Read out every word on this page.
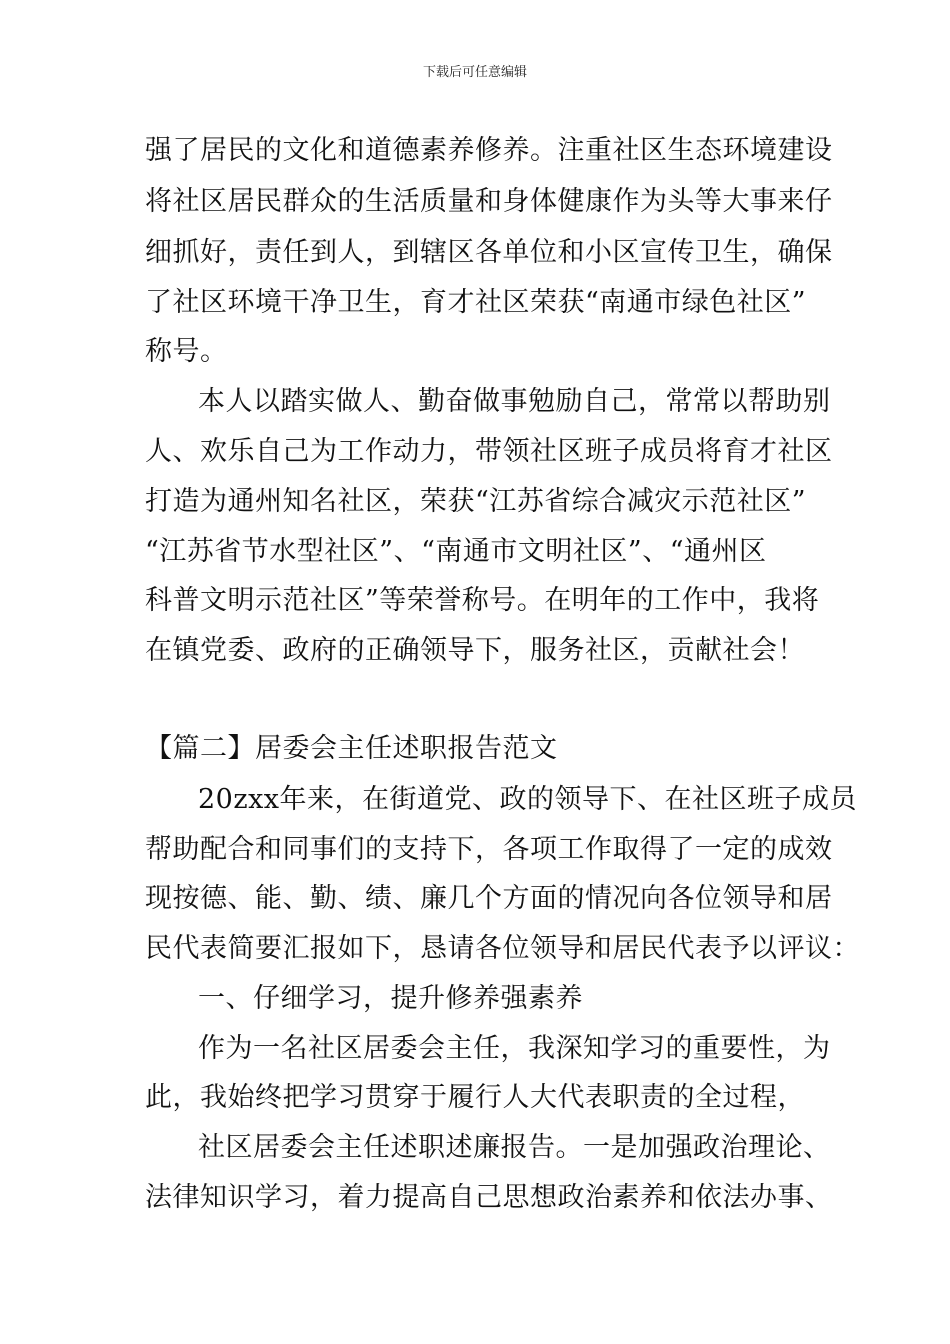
下载后可任意编辑
强了居民的文化和道德素养修养。注重社区生态环境建设
将社区居民群众的生活质量和身体健康作为头等大事来仔
细抓好，责任到人，到辖区各单位和小区宣传卫生，确保
了社区环境干净卫生，育才社区荣获“南通市绿色社区”
称号。
本人以踏实做人、勤奋做事勉励自己，常常以帮助别
人、欢乐自己为工作动力，带领社区班子成员将育才社区
打造为通州知名社区，荣获“江苏省综合减灾示范社区”
“江苏省节水型社区”、“南通市文明社区”、“通州区
科普文明示范社区”等荣誉称号。在明年的工作中，我将
在镇党委、政府的正确领导下，服务社区，贡献社会！
【篇二】居委会主任述职报告范文
20zxx年来，在街道党、政的领导下、在社区班子成员
帮助配合和同事们的支持下，各项工作取得了一定的成效
现按德、能、勤、绩、廉几个方面的情况向各位领导和居
民代表简要汇报如下，恳请各位领导和居民代表予以评议：
一、仔细学习，提升修养强素养
作为一名社区居委会主任，我深知学习的重要性，为
此，我始终把学习贯穿于履行人大代表职责的全过程，
社区居委会主任述职述廉报告。一是加强政治理论、
法律知识学习，着力提高自己思想政治素养和依法办事、
